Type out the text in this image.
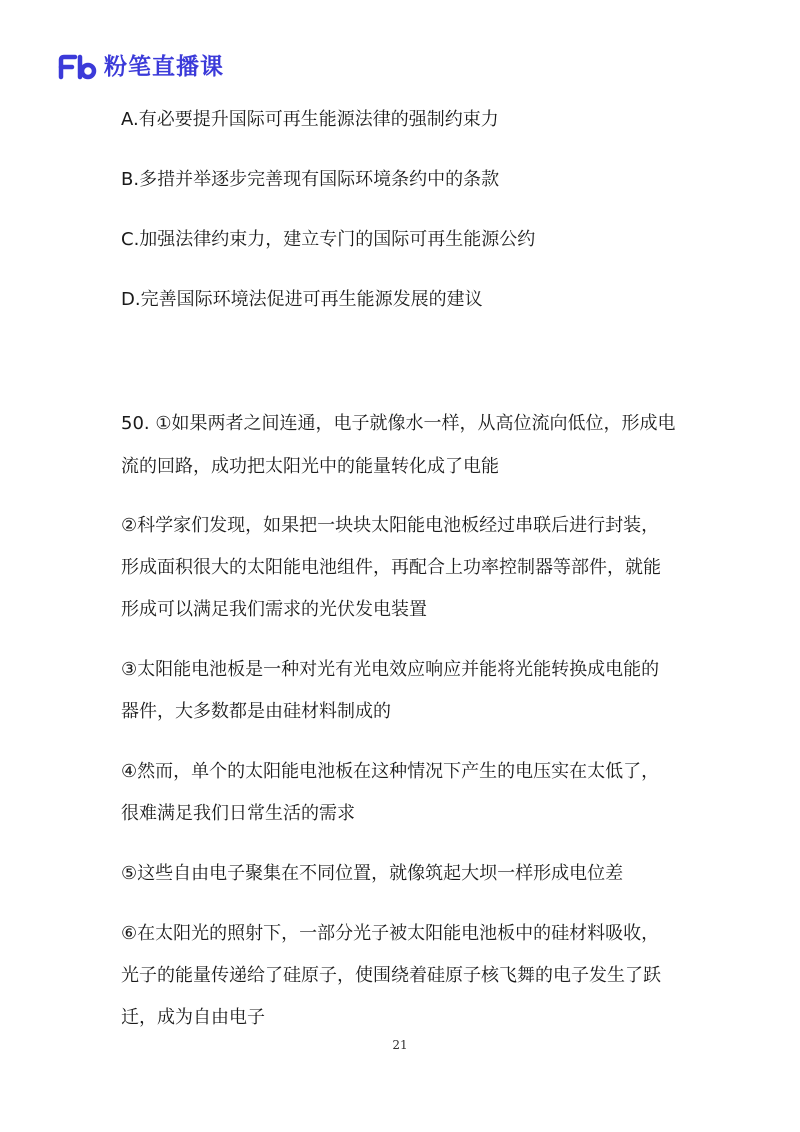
粉笔直播课
A.有必要提升国际可再生能源法律的强制约束力
B.多措并举逐步完善现有国际环境条约中的条款
C.加强法律约束力，建立专门的国际可再生能源公约
D.完善国际环境法促进可再生能源发展的建议
50. ①如果两者之间连通，电子就像水一样，从高位流向低位，形成电
流的回路，成功把太阳光中的能量转化成了电能
②科学家们发现，如果把一块块太阳能电池板经过串联后进行封装，
形成面积很大的太阳能电池组件，再配合上功率控制器等部件，就能
形成可以满足我们需求的光伏发电装置
③太阳能电池板是一种对光有光电效应响应并能将光能转换成电能的
器件，大多数都是由硅材料制成的
④然而，单个的太阳能电池板在这种情况下产生的电压实在太低了，
很难满足我们日常生活的需求
⑤这些自由电子聚集在不同位置，就像筑起大坝一样形成电位差
⑥在太阳光的照射下，一部分光子被太阳能电池板中的硅材料吸收，
光子的能量传递给了硅原子，使围绕着硅原子核飞舞的电子发生了跃
迁，成为自由电子
21
